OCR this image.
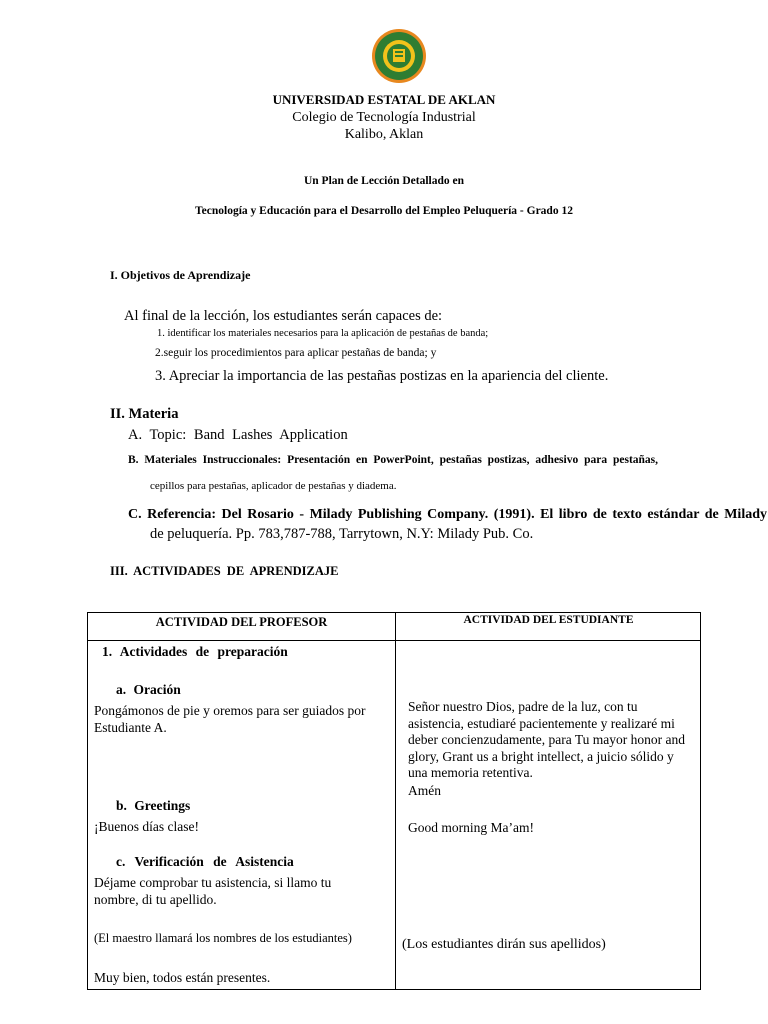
UNIVERSIDAD ESTATAL DE AKLAN
Colegio de Tecnología Industrial
Kalibo, Aklan
Un Plan de Lección Detallado en
Tecnología y Educación para el Desarrollo del Empleo Peluquería - Grado 12
I. Objetivos de Aprendizaje
Al final de la lección, los estudiantes serán capaces de:
1. identificar los materiales necesarios para la aplicación de pestañas de banda;
2.seguir los procedimientos para aplicar pestañas de banda; y
3. Apreciar la importancia de las pestañas postizas en la apariencia del cliente.
II. Materia
A. Topic: Band Lashes Application
B. Materiales Instruccionales: Presentación en PowerPoint, pestañas postizas, adhesivo para pestañas,
cepillos para pestañas, aplicador de pestañas y diadema.
C. Referencia: Del Rosario - Milady Publishing Company. (1991). El libro de texto estándar de Milady
de peluquería. Pp. 783,787-788, Tarrytown, N.Y: Milady Pub. Co.
III. ACTIVIDADES DE APRENDIZAJE
ACTIVIDAD DEL PROFESOR	ACTIVIDAD DEL ESTUDIANTE
1. Actividades de preparación
a. Oración
Pongámonos de pie y oremos para ser guiados por Estudiante A.
b. Greetings
¡Buenos días clase!
c. Verificación de Asistencia
Déjame comprobar tu asistencia, si llamo tu nombre, di tu apellido.
(El maestro llamará los nombres de los estudiantes)
Muy bien, todos están presentes.
Señor nuestro Dios, padre de la luz, con tu asistencia, estudiaré pacientemente y realizaré mi deber concienzudamente, para Tu mayor honor and glory, Grant us a bright intellect, a juicio sólido y una memoria retentiva.
Amén
Good morning Ma’am!
(Los estudiantes dirán sus apellidos)
